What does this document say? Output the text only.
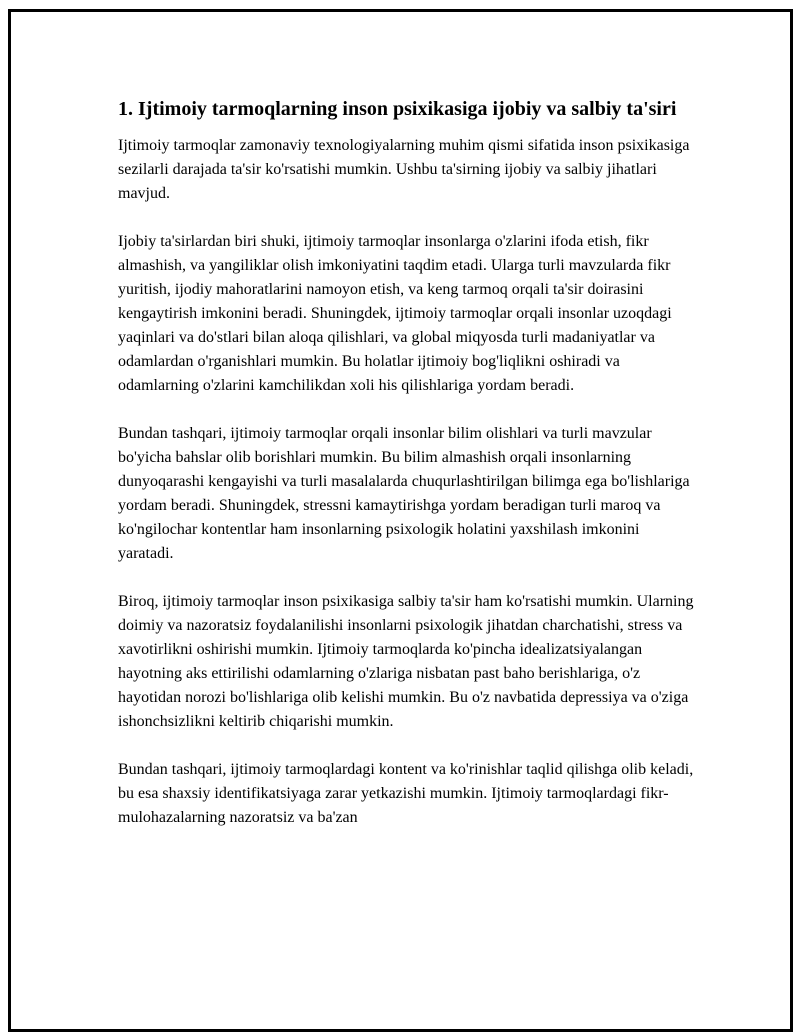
1. Ijtimoiy tarmoqlarning inson psixikasiga ijobiy va salbiy ta'siri

Ijtimoiy tarmoqlar zamonaviy texnologiyalarning muhim qismi sifatida inson psixikasiga sezilarli darajada ta'sir ko'rsatishi mumkin. Ushbu ta'sirning ijobiy va salbiy jihatlari mavjud.

Ijobiy ta'sirlardan biri shuki, ijtimoiy tarmoqlar insonlarga o'zlarini ifoda etish, fikr almashish, va yangiliklar olish imkoniyatini taqdim etadi. Ularga turli mavzularda fikr yuritish, ijodiy mahoratlarini namoyon etish, va keng tarmoq orqali ta'sir doirasini kengaytirish imkonini beradi. Shuningdek, ijtimoiy tarmoqlar orqali insonlar uzoqdagi yaqinlari va do'stlari bilan aloqa qilishlari, va global miqyosda turli madaniyatlar va odamlardan o'rganishlari mumkin. Bu holatlar ijtimoiy bog'liqlikni oshiradi va odamlarning o'zlarini kamchilikdan xoli his qilishlariga yordam beradi.

Bundan tashqari, ijtimoiy tarmoqlar orqali insonlar bilim olishlari va turli mavzular bo'yicha bahslar olib borishlari mumkin. Bu bilim almashish orqali insonlarning dunyoqarashi kengayishi va turli masalalarda chuqurlashtirilgan bilimga ega bo'lishlariga yordam beradi. Shuningdek, stressni kamaytirishga yordam beradigan turli maroq va ko'ngilochar kontentlar ham insonlarning psixologik holatini yaxshilash imkonini yaratadi.

Biroq, ijtimoiy tarmoqlar inson psixikasiga salbiy ta'sir ham ko'rsatishi mumkin. Ularning doimiy va nazoratsiz foydalanilishi insonlarni psixologik jihatdan charchatishi, stress va xavotirlikni oshirishi mumkin. Ijtimoiy tarmoqlarda ko'pincha idealizatsiyalangan hayotning aks ettirilishi odamlarning o'zlariga nisbatan past baho berishlariga, o'z hayotidan norozi bo'lishlariga olib kelishi mumkin. Bu o'z navbatida depressiya va o'ziga ishonchsizlikni keltirib chiqarishi mumkin.

Bundan tashqari, ijtimoiy tarmoqlardagi kontent va ko'rinishlar taqlid qilishga olib keladi, bu esa shaxsiy identifikatsiyaga zarar yetkazishi mumkin. Ijtimoiy tarmoqlardagi fikr-mulohazalarning nazoratsiz va ba'zan
